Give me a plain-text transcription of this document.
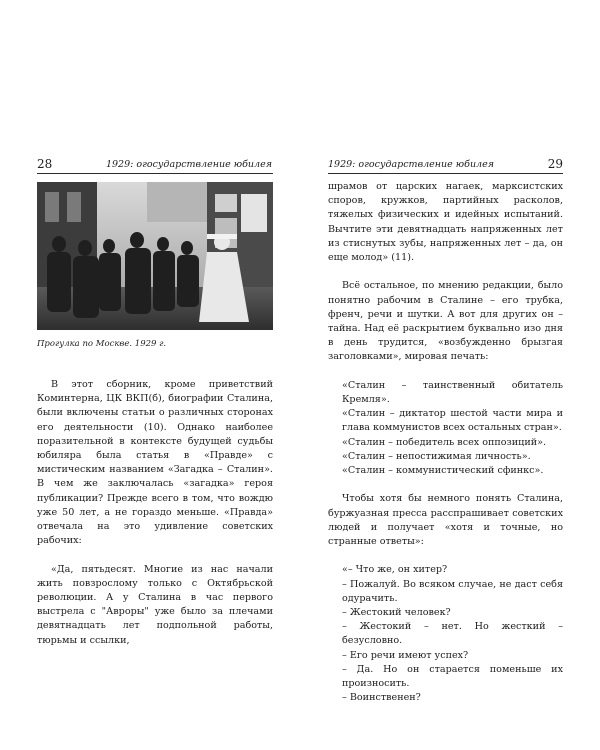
28	1929: огосударствление юбилея
Прогулка по Москве. 1929 г.

В этот сборник, кроме приветствий Коминтерна, ЦК ВКП(б), биографии Сталина, были включены статьи о различных сторонах его деятельности (10). Однако наиболее поразительной в контексте будущей судьбы юбиляра была статья в «Правде» с мистическим названием «Загадка – Сталин». В чем же заключалась «загадка» героя публикации? Прежде всего в том, что вождю уже 50 лет, а не гораздо меньше. «Правда» отвечала на это удивление советских рабочих:

«Да, пятьдесят. Многие из нас начали жить повзрослому только с Октябрьской революции. А у Сталина в час первого выстрела с "Авроры" уже было за плечами девятнадцать лет подпольной работы, тюрьмы и ссылки,

1929: огосударствление юбилея	29

шрамов от царских нагаек, марксистских споров, кружков, партийных расколов, тяжелых физических и идейных испытаний. Вычтите эти девятнадцать напряженных лет из стиснутых зубы, напряженных лет – да, он еще молод» (11).

Всё остальное, по мнению редакции, было понятно рабочим в Сталине – его трубка, френч, речи и шутки. А вот для других он – тайна. Над её раскрытием буквально изо дня в день трудится, «возбужденно брызгая заголовками», мировая печать:

«Сталин – таинственный обитатель Кремля».

«Сталин – диктатор шестой части мира и глава коммунистов всех остальных стран».

«Сталин – победитель всех оппозиций».

«Сталин – непостижимая личность».

«Сталин – коммунистический сфинкс».

Чтобы хотя бы немного понять Сталина, буржуазная пресса расспрашивает советских людей и получает «хотя и точные, но странные ответы»:

«– Что же, он хитер?

– Пожалуй. Во всяком случае, не даст себя одурачить.

– Жестокий человек?

– Жестокий – нет. Но жесткий – безусловно.

– Его речи имеют успех?

– Да. Но он старается поменьше их произносить.

– Воинственен?
